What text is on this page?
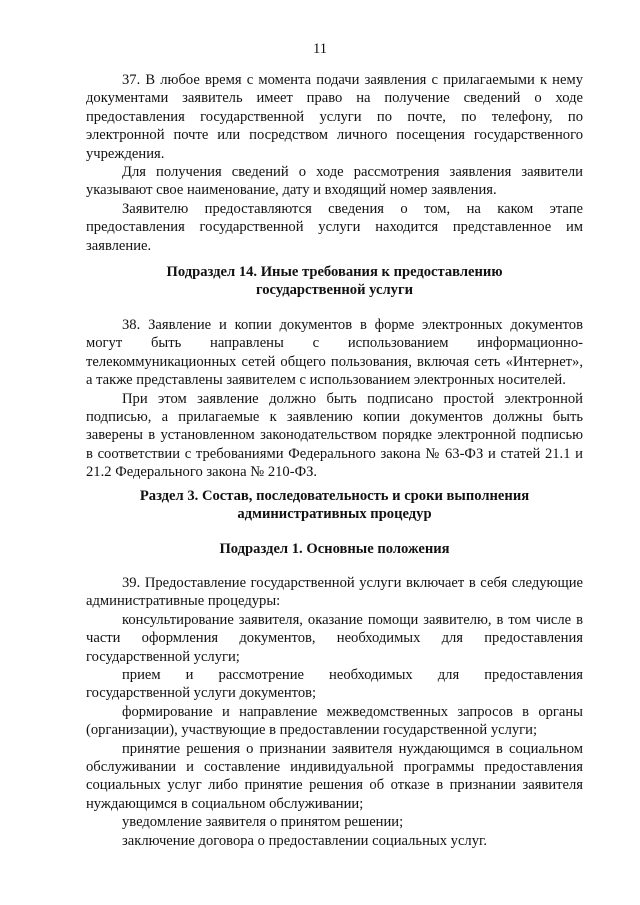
11

37. В любое время с момента подачи заявления с прилагаемыми к нему документами заявитель имеет право на получение сведений о ходе предоставления государственной услуги по почте, по телефону, по электронной почте или посредством личного посещения государственного учреждения.

Для получения сведений о ходе рассмотрения заявления заявители указывают свое наименование, дату и входящий номер заявления.

Заявителю предоставляются сведения о том, на каком этапе предоставления государственной услуги находится представленное им заявление.

Подраздел 14. Иные требования к предоставлению
государственной услуги

38. Заявление и копии документов в форме электронных документов могут быть направлены с использованием информационно-телекоммуникационных сетей общего пользования, включая сеть «Интернет», а также представлены заявителем с использованием электронных носителей.

При этом заявление должно быть подписано простой электронной подписью, а прилагаемые к заявлению копии документов должны быть заверены в установленном законодательством порядке электронной подписью в соответствии с требованиями Федерального закона № 63-ФЗ и статей 21.1 и 21.2 Федерального закона № 210-ФЗ.

Раздел 3. Состав, последовательность и сроки выполнения
административных процедур
Подраздел 1. Основные положения

39. Предоставление государственной услуги включает в себя следующие административные процедуры:

консультирование заявителя, оказание помощи заявителю, в том числе в части оформления документов, необходимых для предоставления государственной услуги;

прием и рассмотрение необходимых для предоставления государственной услуги документов;

формирование и направление межведомственных запросов в органы (организации), участвующие в предоставлении государственной услуги;

принятие решения о признании заявителя нуждающимся в социальном обслуживании и составление индивидуальной программы предоставления социальных услуг либо принятие решения об отказе в признании заявителя нуждающимся в социальном обслуживании;

уведомление заявителя о принятом решении;

заключение договора о предоставлении социальных услуг.
